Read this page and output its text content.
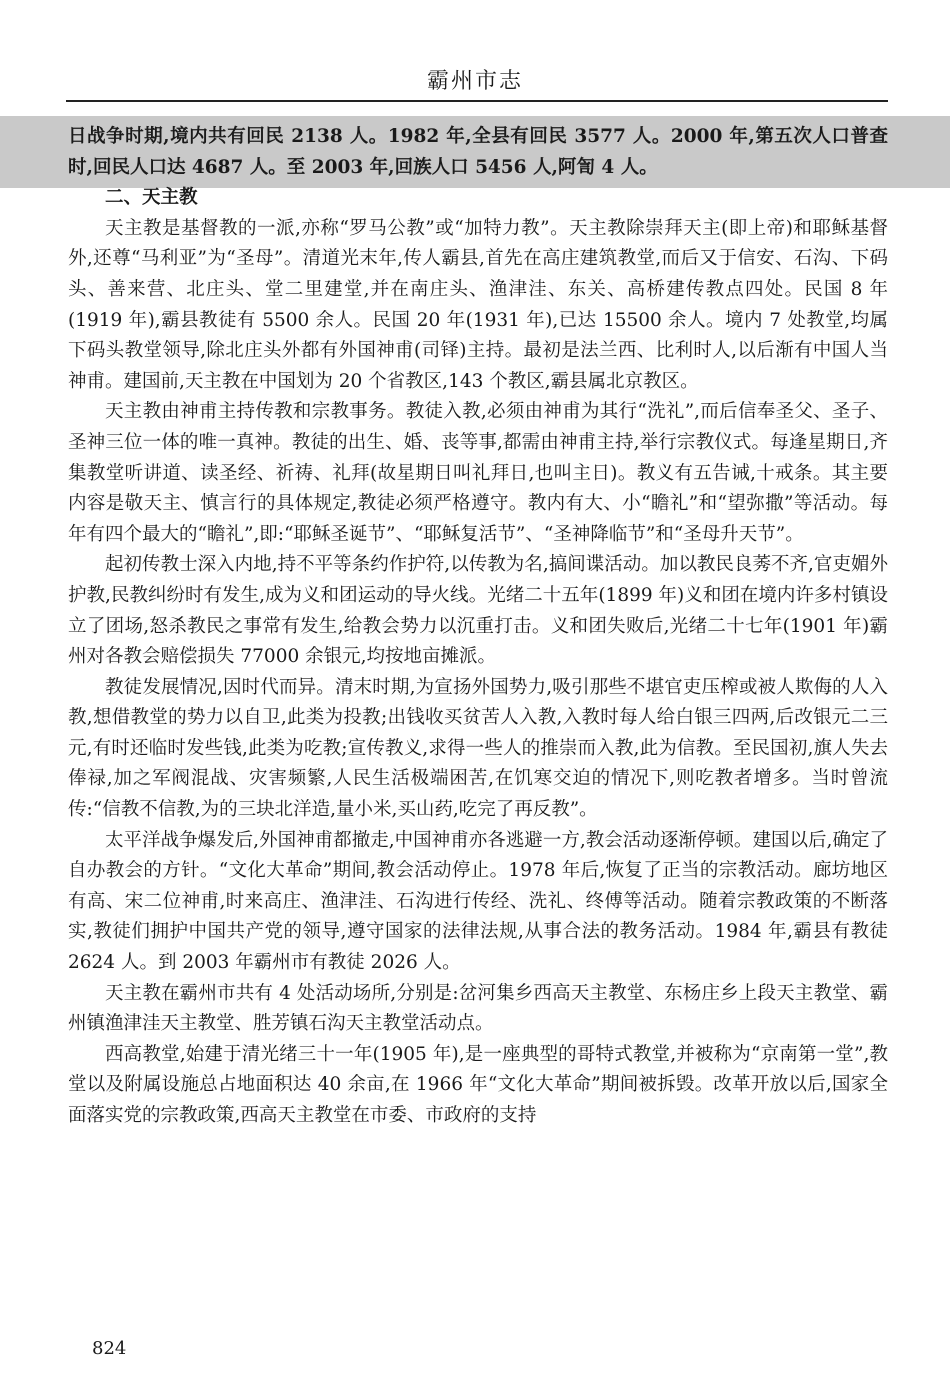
霸州市志

日战争时期,境内共有回民 2138 人。1982 年,全县有回民 3577 人。2000 年,第五次人口普查时,回民人口达 4687 人。至 2003 年,回族人口 5456 人,阿訇 4 人。

二、天主教

天主教是基督教的一派,亦称“罗马公教”或“加特力教”。天主教除崇拜天主(即上帝)和耶稣基督外,还尊“马利亚”为“圣母”。清道光末年,传人霸县,首先在高庄建筑教堂,而后又于信安、石沟、下码头、善来营、北庄头、堂二里建堂,并在南庄头、渔津洼、东关、高桥建传教点四处。民国 8 年(1919 年),霸县教徒有 5500 余人。民国 20 年(1931 年),已达 15500 余人。境内 7 处教堂,均属下码头教堂领导,除北庄头外都有外国神甫(司铎)主持。最初是法兰西、比利时人,以后渐有中国人当神甫。建国前,天主教在中国划为 20 个省教区,143 个教区,霸县属北京教区。

天主教由神甫主持传教和宗教事务。教徒入教,必须由神甫为其行“洗礼”,而后信奉圣父、圣子、圣神三位一体的唯一真神。教徒的出生、婚、丧等事,都需由神甫主持,举行宗教仪式。每逢星期日,齐集教堂听讲道、读圣经、祈祷、礼拜(故星期日叫礼拜日,也叫主日)。教义有五告诫,十戒条。其主要内容是敬天主、慎言行的具体规定,教徒必须严格遵守。教内有大、小“瞻礼”和“望弥撒”等活动。每年有四个最大的“瞻礼”,即:“耶稣圣诞节”、“耶稣复活节”、“圣神降临节”和“圣母升天节”。

起初传教士深入内地,持不平等条约作护符,以传教为名,搞间谍活动。加以教民良莠不齐,官吏媚外护教,民教纠纷时有发生,成为义和团运动的导火线。光绪二十五年(1899 年)义和团在境内许多村镇设立了团场,怒杀教民之事常有发生,给教会势力以沉重打击。义和团失败后,光绪二十七年(1901 年)霸州对各教会赔偿损失 77000 余银元,均按地亩摊派。

教徒发展情况,因时代而异。清末时期,为宣扬外国势力,吸引那些不堪官吏压榨或被人欺侮的人入教,想借教堂的势力以自卫,此类为投教;出钱收买贫苦人入教,入教时每人给白银三四两,后改银元二三元,有时还临时发些钱,此类为吃教;宣传教义,求得一些人的推崇而入教,此为信教。至民国初,旗人失去俸禄,加之军阀混战、灾害频繁,人民生活极端困苦,在饥寒交迫的情况下,则吃教者增多。当时曾流传:“信教不信教,为的三块北洋造,量小米,买山药,吃完了再反教”。

太平洋战争爆发后,外国神甫都撤走,中国神甫亦各逃避一方,教会活动逐渐停顿。建国以后,确定了自办教会的方针。“文化大革命”期间,教会活动停止。1978 年后,恢复了正当的宗教活动。廊坊地区有高、宋二位神甫,时来高庄、渔津洼、石沟进行传经、洗礼、终傅等活动。随着宗教政策的不断落实,教徒们拥护中国共产党的领导,遵守国家的法律法规,从事合法的教务活动。1984 年,霸县有教徒 2624 人。到 2003 年霸州市有教徒 2026 人。

天主教在霸州市共有 4 处活动场所,分别是:岔河集乡西高天主教堂、东杨庄乡上段天主教堂、霸州镇渔津洼天主教堂、胜芳镇石沟天主教堂活动点。

西高教堂,始建于清光绪三十一年(1905 年),是一座典型的哥特式教堂,并被称为“京南第一堂”,教堂以及附属设施总占地面积达 40 余亩,在 1966 年“文化大革命”期间被拆毁。改革开放以后,国家全面落实党的宗教政策,西高天主教堂在市委、市政府的支持

824
